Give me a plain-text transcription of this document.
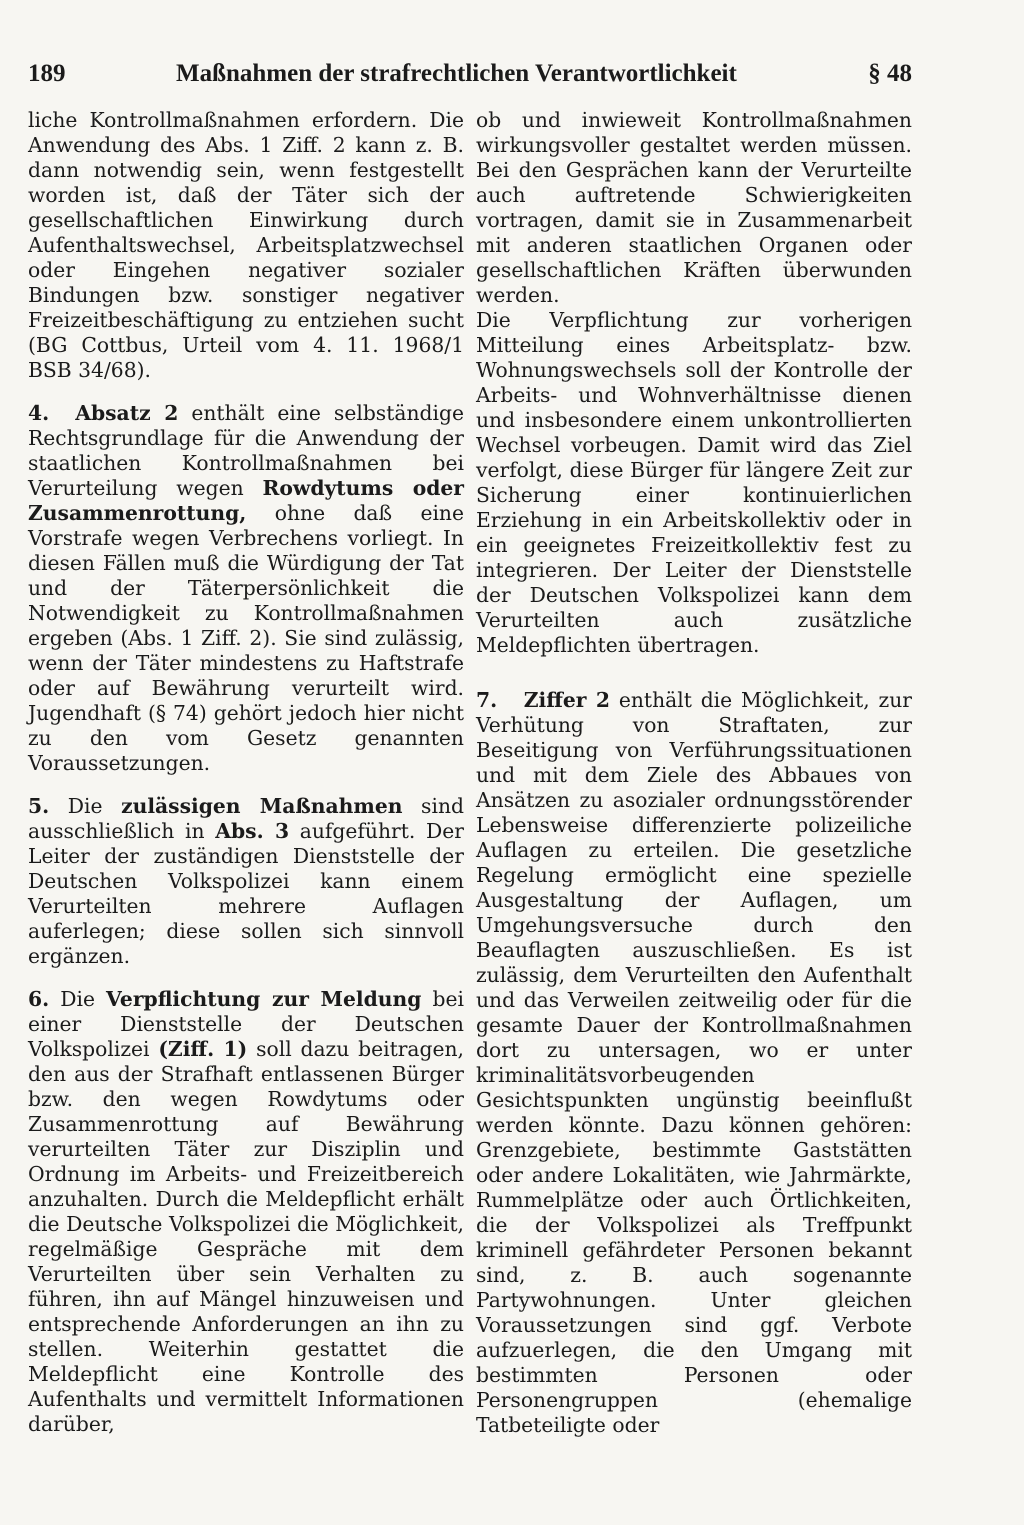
189	Maßnahmen der strafrechtlichen Verantwortlichkeit	§ 48

liche Kontrollmaßnahmen erfordern. Die Anwendung des Abs. 1 Ziff. 2 kann z. B. dann notwendig sein, wenn festgestellt worden ist, daß der Täter sich der gesellschaftlichen Einwirkung durch Aufenthaltswechsel, Arbeitsplatzwechsel oder Eingehen negativer sozialer Bindungen bzw. sonstiger negativer Freizeitbeschäftigung zu entziehen sucht (BG Cottbus, Urteil vom 4. 11. 1968/1 BSB 34/68).

4. Absatz 2 enthält eine selbständige Rechtsgrundlage für die Anwendung der staatlichen Kontrollmaßnahmen bei Verurteilung wegen Rowdytums oder Zusammenrottung, ohne daß eine Vorstrafe wegen Verbrechens vorliegt. In diesen Fällen muß die Würdigung der Tat und der Täterpersönlichkeit die Notwendigkeit zu Kontrollmaßnahmen ergeben (Abs. 1 Ziff. 2). Sie sind zulässig, wenn der Täter mindestens zu Haftstrafe oder auf Bewährung verurteilt wird. Jugendhaft (§ 74) gehört jedoch hier nicht zu den vom Gesetz genannten Voraussetzungen.

5. Die zulässigen Maßnahmen sind ausschließlich in Abs. 3 aufgeführt. Der Leiter der zuständigen Dienststelle der Deutschen Volkspolizei kann einem Verurteilten mehrere Auflagen auferlegen; diese sollen sich sinnvoll ergänzen.

6. Die Verpflichtung zur Meldung bei einer Dienststelle der Deutschen Volkspolizei (Ziff. 1) soll dazu beitragen, den aus der Strafhaft entlassenen Bürger bzw. den wegen Rowdytums oder Zusammenrottung auf Bewährung verurteilten Täter zur Disziplin und Ordnung im Arbeits- und Freizeitbereich anzuhalten. Durch die Meldepflicht erhält die Deutsche Volkspolizei die Möglichkeit, regelmäßige Gespräche mit dem Verurteilten über sein Verhalten zu führen, ihn auf Mängel hinzuweisen und entsprechende Anforderungen an ihn zu stellen. Weiterhin gestattet die Meldepflicht eine Kontrolle des Aufenthalts und vermittelt Informationen darüber,

ob und inwieweit Kontrollmaßnahmen wirkungsvoller gestaltet werden müssen. Bei den Gesprächen kann der Verurteilte auch auftretende Schwierigkeiten vortragen, damit sie in Zusammenarbeit mit anderen staatlichen Organen oder gesellschaftlichen Kräften überwunden werden.

Die Verpflichtung zur vorherigen Mitteilung eines Arbeitsplatz- bzw. Wohnungswechsels soll der Kontrolle der Arbeits- und Wohnverhältnisse dienen und insbesondere einem unkontrollierten Wechsel vorbeugen. Damit wird das Ziel verfolgt, diese Bürger für längere Zeit zur Sicherung einer kontinuierlichen Erziehung in ein Arbeitskollektiv oder in ein geeignetes Freizeitkollektiv fest zu integrieren. Der Leiter der Dienststelle der Deutschen Volkspolizei kann dem Verurteilten auch zusätzliche Meldepflichten übertragen.

7. Ziffer 2 enthält die Möglichkeit, zur Verhütung von Straftaten, zur Beseitigung von Verführungssituationen und mit dem Ziele des Abbaues von Ansätzen zu asozialer ordnungsstörender Lebensweise differenzierte polizeiliche Auflagen zu erteilen. Die gesetzliche Regelung ermöglicht eine spezielle Ausgestaltung der Auflagen, um Umgehungsversuche durch den Beauflagten auszuschließen. Es ist zulässig, dem Verurteilten den Aufenthalt und das Verweilen zeitweilig oder für die gesamte Dauer der Kontrollmaßnahmen dort zu untersagen, wo er unter kriminalitätsvorbeugenden Gesichtspunkten ungünstig beeinflußt werden könnte. Dazu können gehören: Grenzgebiete, bestimmte Gaststätten oder andere Lokalitäten, wie Jahrmärkte, Rummelplätze oder auch Örtlichkeiten, die der Volkspolizei als Treffpunkt kriminell gefährdeter Personen bekannt sind, z. B. auch sogenannte Partywohnungen. Unter gleichen Voraussetzungen sind ggf. Verbote aufzuerlegen, die den Umgang mit bestimmten Personen oder Personengruppen (ehemalige Tatbeteiligte oder
